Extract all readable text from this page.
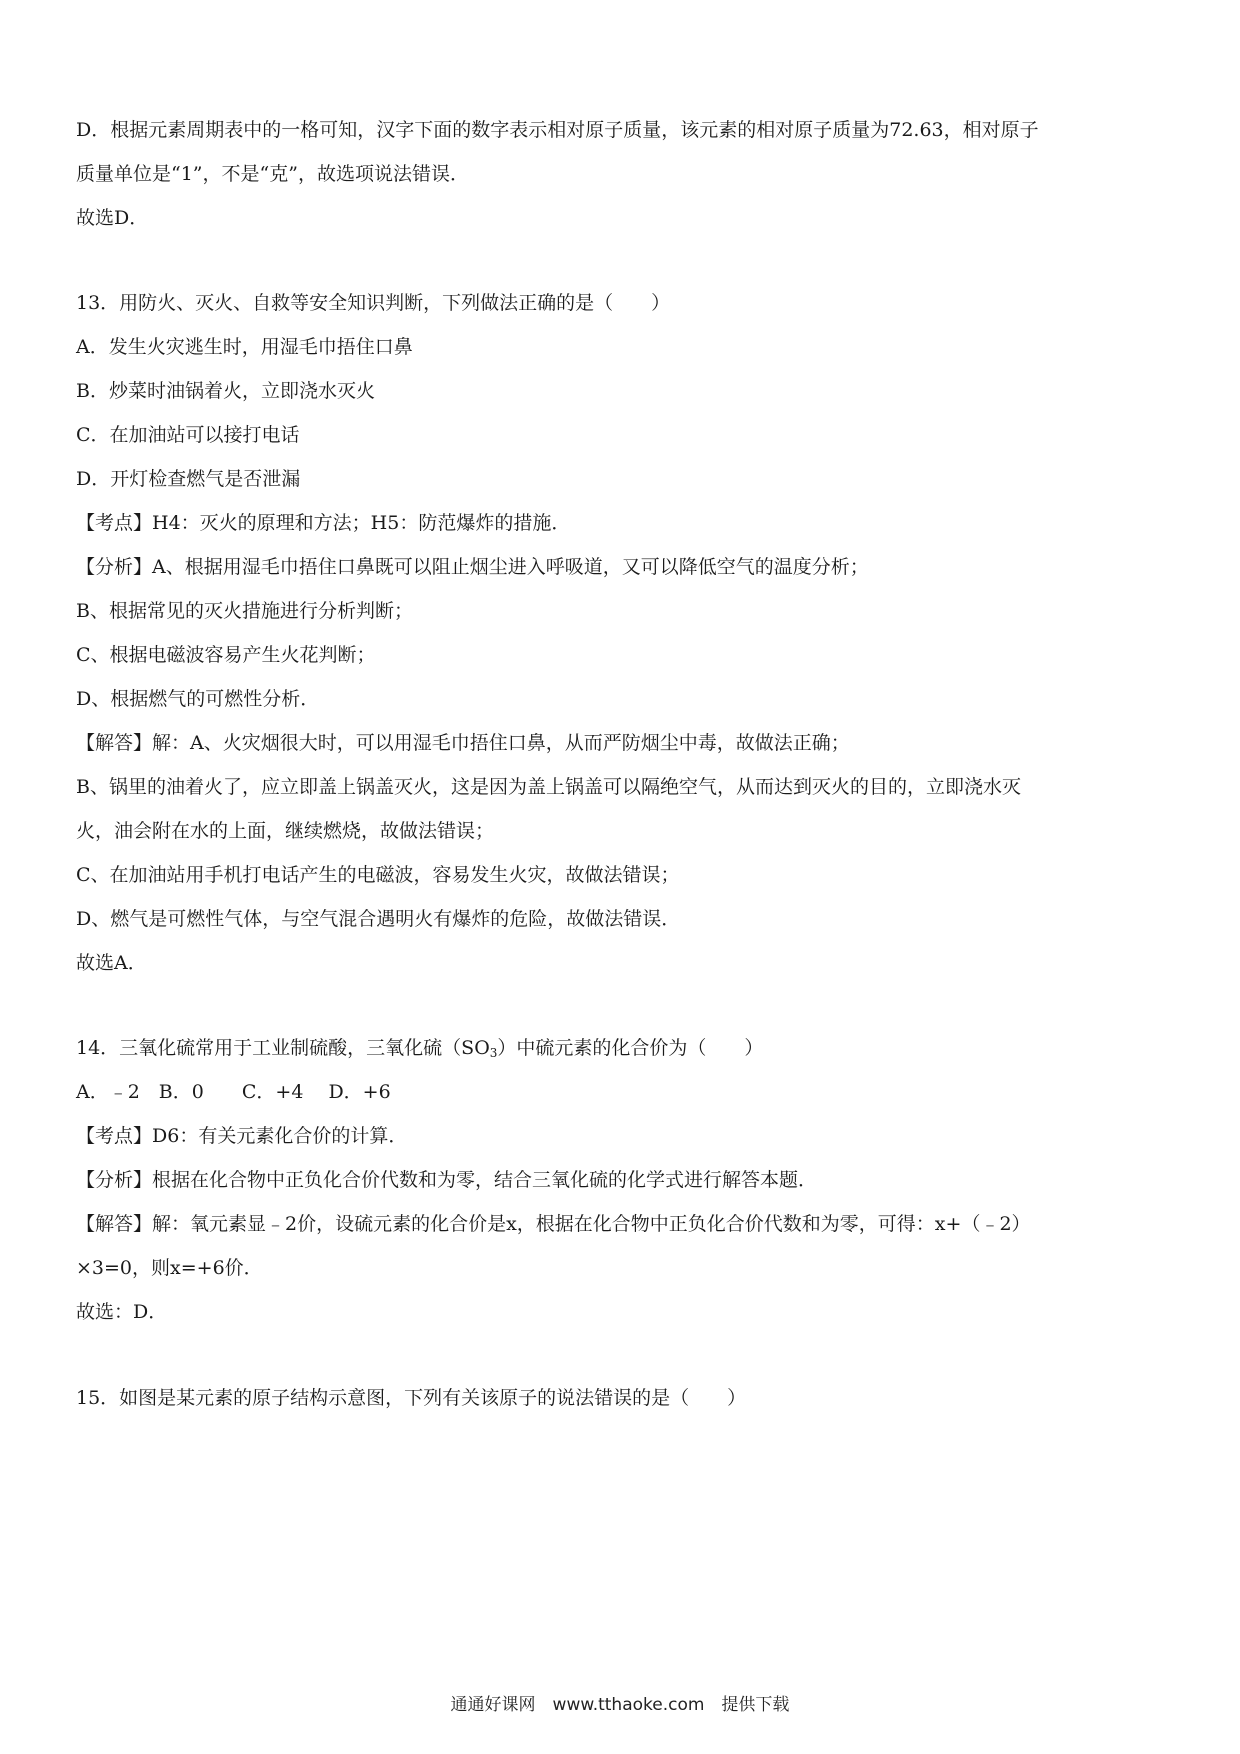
D．根据元素周期表中的一格可知，汉字下面的数字表示相对原子质量，该元素的相对原子质量为72.63，相对原子
质量单位是“1”，不是“克”，故选项说法错误．
故选D．
13．用防火、灭火、自救等安全知识判断，下列做法正确的是（　　）
A．发生火灾逃生时，用湿毛巾捂住口鼻
B．炒菜时油锅着火，立即浇水灭火
C．在加油站可以接打电话
D．开灯检查燃气是否泄漏
【考点】H4：灭火的原理和方法；H5：防范爆炸的措施．
【分析】A、根据用湿毛巾捂住口鼻既可以阻止烟尘进入呼吸道，又可以降低空气的温度分析；
B、根据常见的灭火措施进行分析判断；
C、根据电磁波容易产生火花判断；
D、根据燃气的可燃性分析．
【解答】解：A、火灾烟很大时，可以用湿毛巾捂住口鼻，从而严防烟尘中毒，故做法正确；
B、锅里的油着火了，应立即盖上锅盖灭火，这是因为盖上锅盖可以隔绝空气，从而达到灭火的目的，立即浇水灭
火，油会附在水的上面，继续燃烧，故做法错误；
C、在加油站用手机打电话产生的电磁波，容易发生火灾，故做法错误；
D、燃气是可燃性气体，与空气混合遇明火有爆炸的危险，故做法错误．
故选A．
14．三氧化硫常用于工业制硫酸，三氧化硫$(SO_3)$中硫元素的化合价为（　　）
A．﹣2　B．0　　C．+4　 D．+6
【考点】D6：有关元素化合价的计算．
【分析】根据在化合物中正负化合价代数和为零，结合三氧化硫的化学式进行解答本题．
【解答】解：氧元素显﹣2价，设硫元素的化合价是x，根据在化合物中正负化合价代数和为零，可得：x+（﹣2）
×3=0，则x=+6价．
故选：D．
15．如图是某元素的原子结构示意图，下列有关该原子的说法错误的是（　　）
通通好课网　www.tthaoke.com　提供下载
